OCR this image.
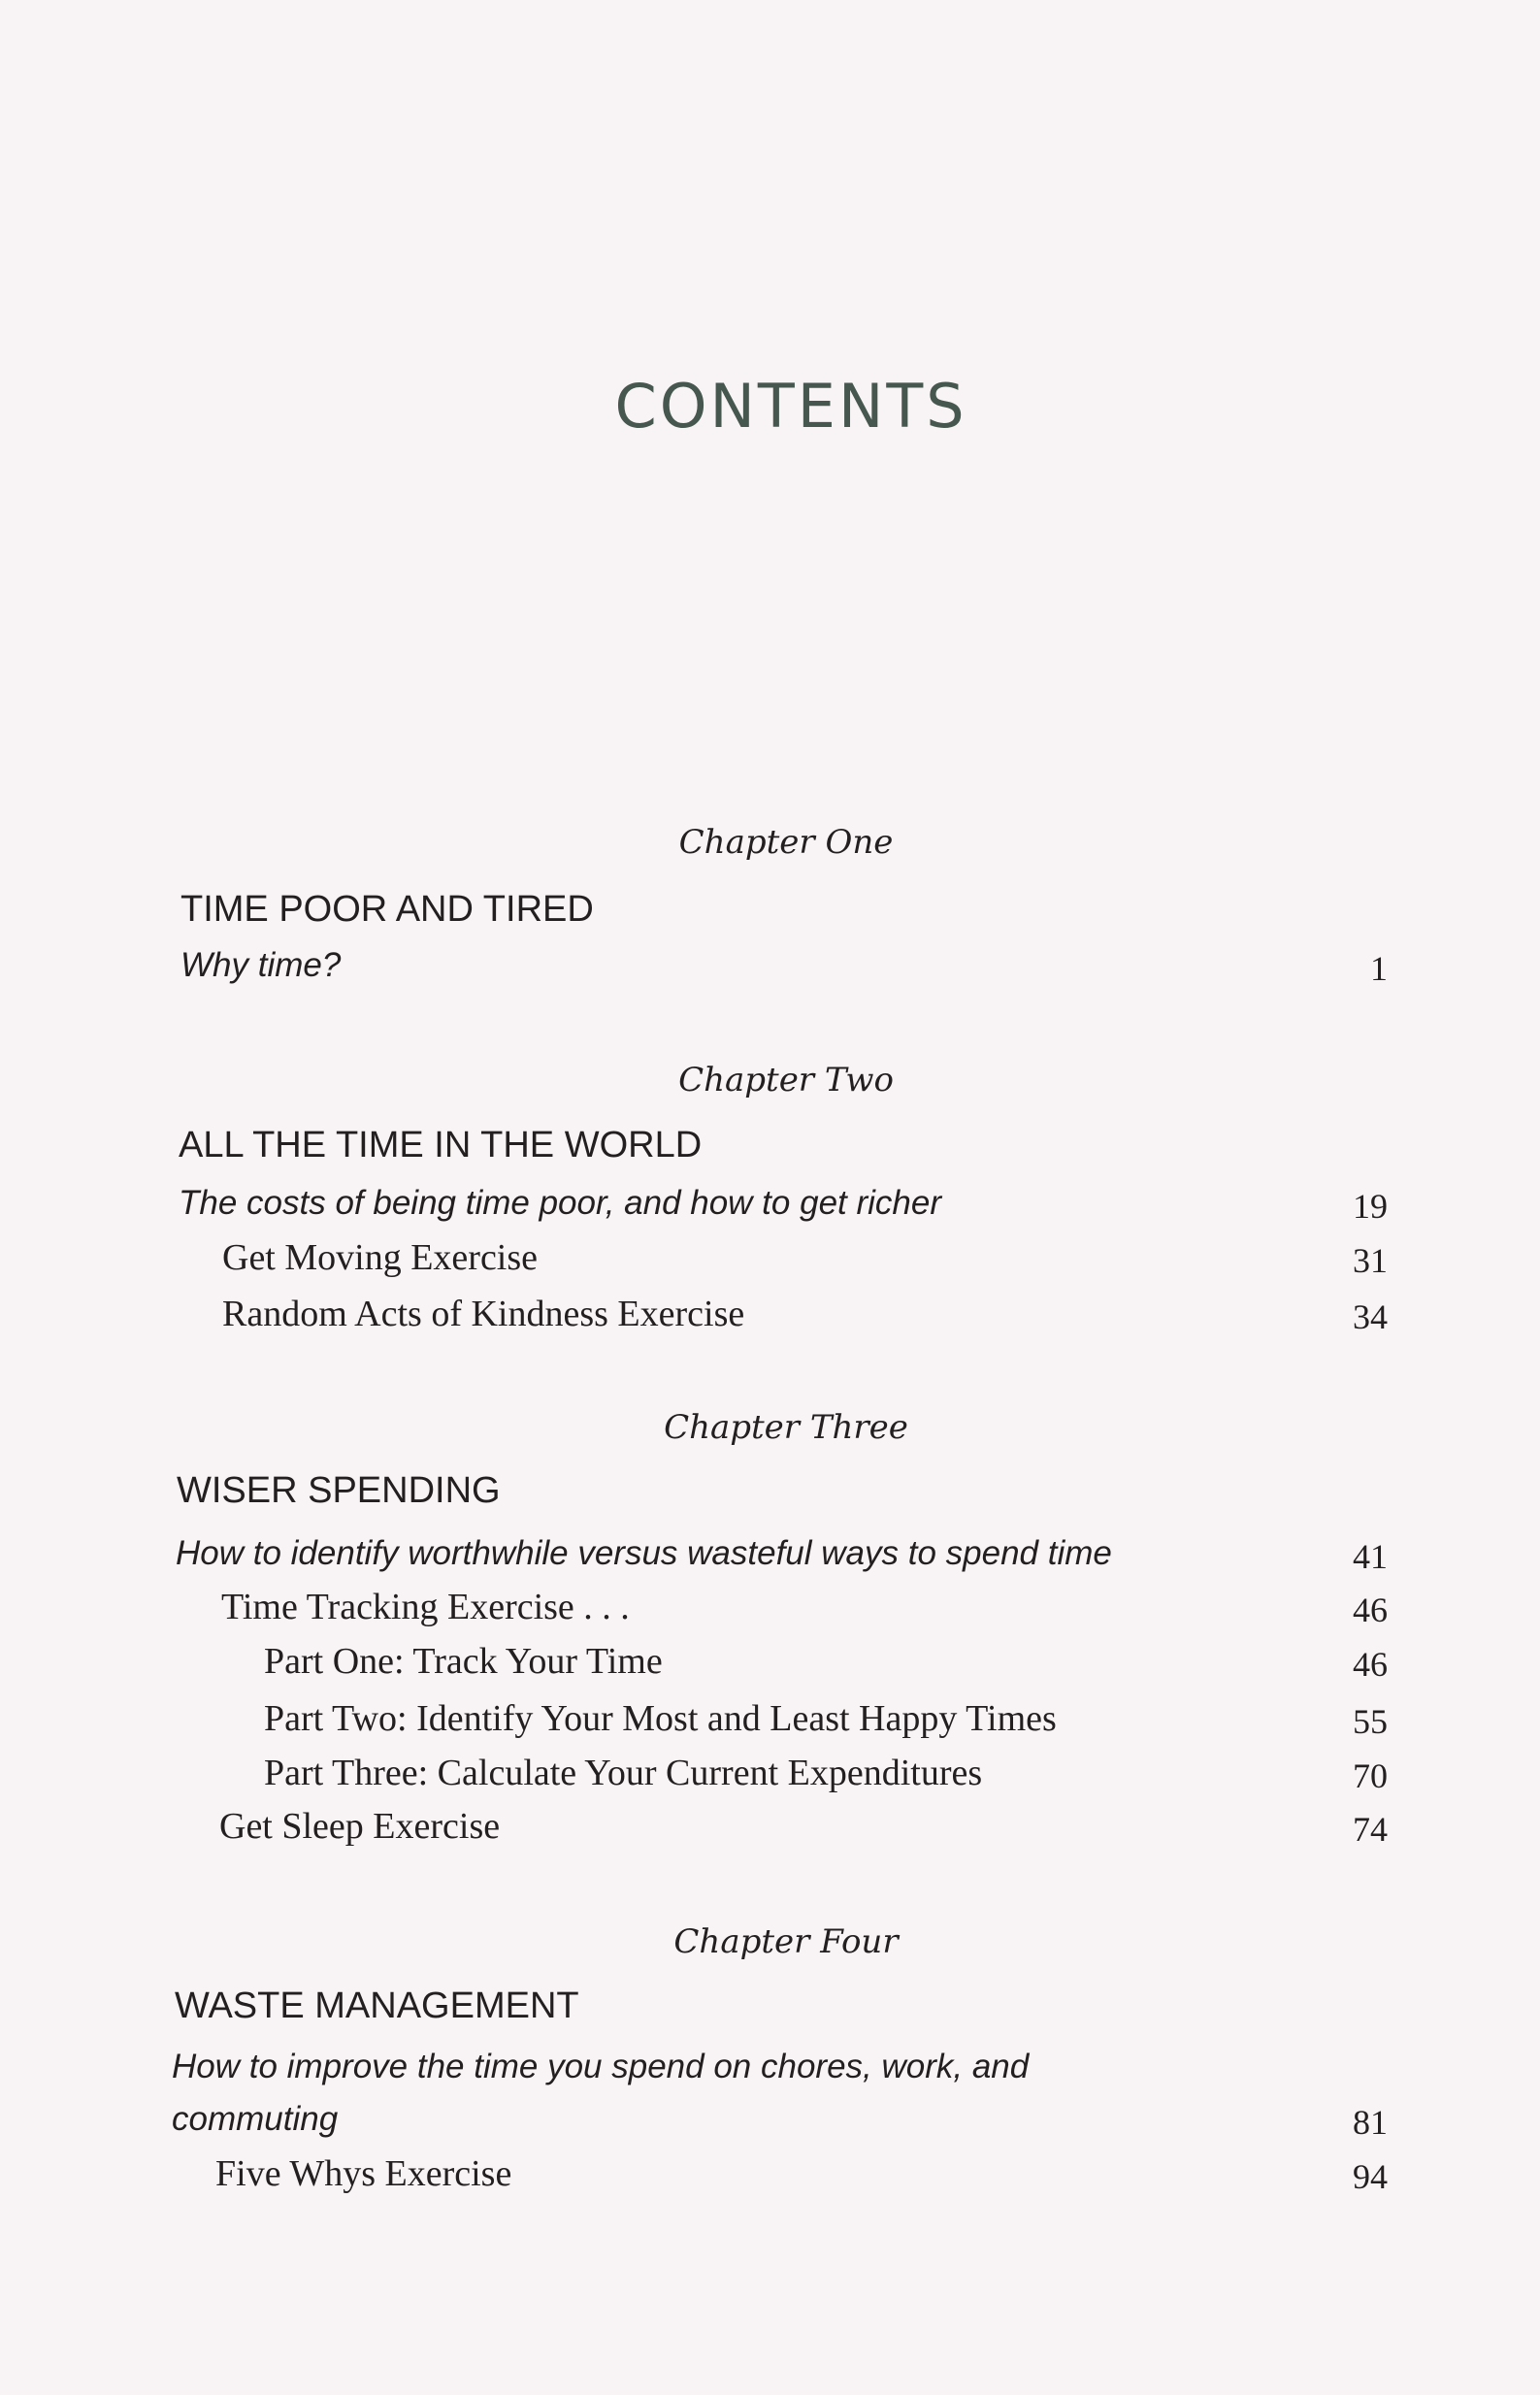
CONTENTS
Chapter One
TIME POOR AND TIRED
Why time?	1
Chapter Two
ALL THE TIME IN THE WORLD
The costs of being time poor, and how to get richer	19
Get Moving Exercise	31
Random Acts of Kindness Exercise	34
Chapter Three
WISER SPENDING
How to identify worthwhile versus wasteful ways to spend time	41
Time Tracking Exercise . . .	46
Part One: Track Your Time	46
Part Two: Identify Your Most and Least Happy Times	55
Part Three: Calculate Your Current Expenditures	70
Get Sleep Exercise	74
Chapter Four
WASTE MANAGEMENT
How to improve the time you spend on chores, work, and
commuting	81
Five Whys Exercise	94
